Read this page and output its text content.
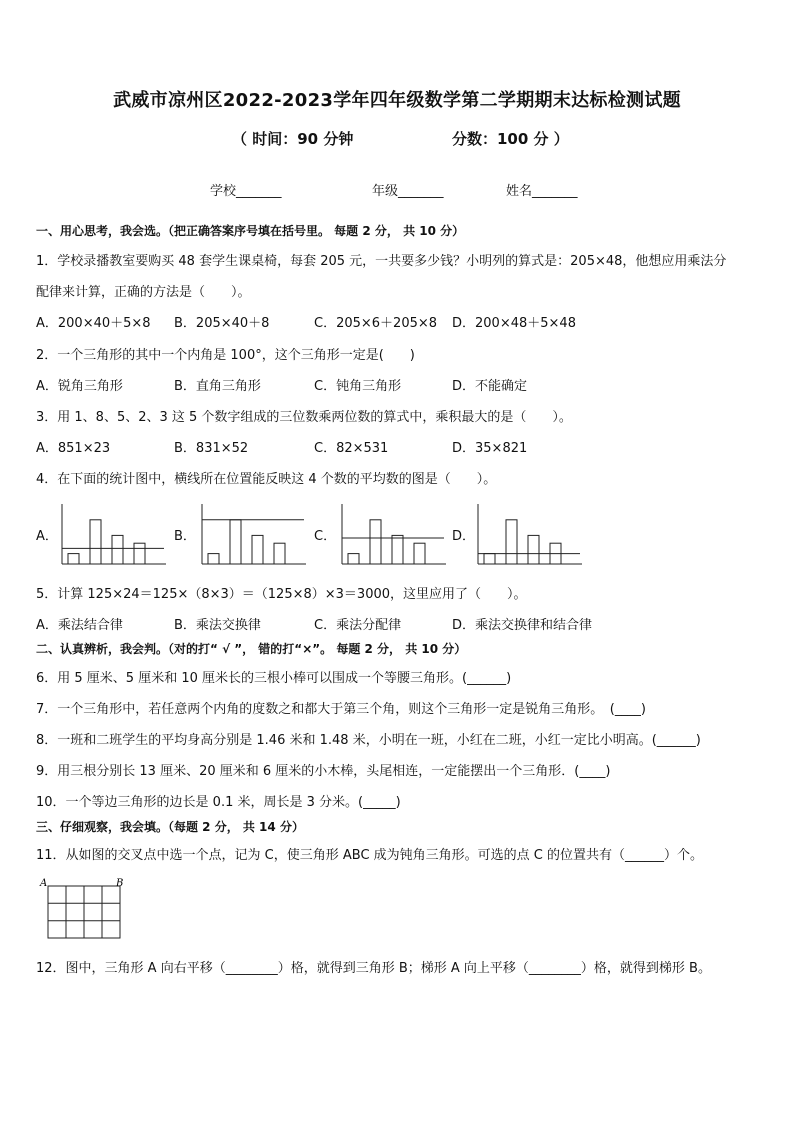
武威市凉州区2022-2023学年四年级数学第二学期期末达标检测试题
（ 时间：90 分钟	分数：100 分 ）
学校_______	年级_______	姓名_______
一、用心思考，我会选。（把正确答案序号填在括号里。 每题 2 分， 共 10 分）
1．学校录播教室要购买 48 套学生课桌椅，每套 205 元，一共要多少钱？小明列的算式是：205×48，他想应用乘法分
配律来计算，正确的方法是（　　）。
A．200×40＋5×8 B．205×40＋8	C．205×6＋205×8 D．200×48＋5×48
2．一个三角形的其中一个内角是 100°，这个三角形一定是(　　)
A．锐角三角形	B．直角三角形	C．钝角三角形	D．不能确定
3．用 1、8、5、2、3 这 5 个数字组成的三位数乘两位数的算式中，乘积最大的是（　　）。
A．851×23	B．831×52	C．82×531	D．35×821
4．在下面的统计图中，横线所在位置能反映这 4 个数的平均数的图是（　　）。
A．	B．	C．	D．
5．计算 125×24＝125×（8×3）＝（125×8）×3＝3000，这里应用了（　　）。
A．乘法结合律	B．乘法交换律	C．乘法分配律	D．乘法交换律和结合律
二、认真辨析，我会判。（对的打“ √ ”， 错的打“×”。 每题 2 分， 共 10 分）
6．用 5 厘米、5 厘米和 10 厘米长的三根小棒可以围成一个等腰三角形。(______)
7．一个三角形中，若任意两个内角的度数之和都大于第三个角，则这个三角形一定是锐角三角形。　(____)
8．一班和二班学生的平均身高分别是 1.46 米和 1.48 米，小明在一班，小红在二班，小红一定比小明高。(______)
9．用三根分别长 13 厘米、20 厘米和 6 厘米的小木棒，头尾相连，一定能摆出一个三角形．(____)
10．一个等边三角形的边长是 0.1 米，周长是 3 分米。(_____)
三、仔细观察，我会填。（每题 2 分， 共 14 分）
11．从如图的交叉点中选一个点，记为 C，使三角形 ABC 成为钝角三角形。可选的点 C 的位置共有（______）个。
A	B
12．图中，三角形 A 向右平移（________）格，就得到三角形 B；梯形 A 向上平移（________）格，就得到梯形 B。
